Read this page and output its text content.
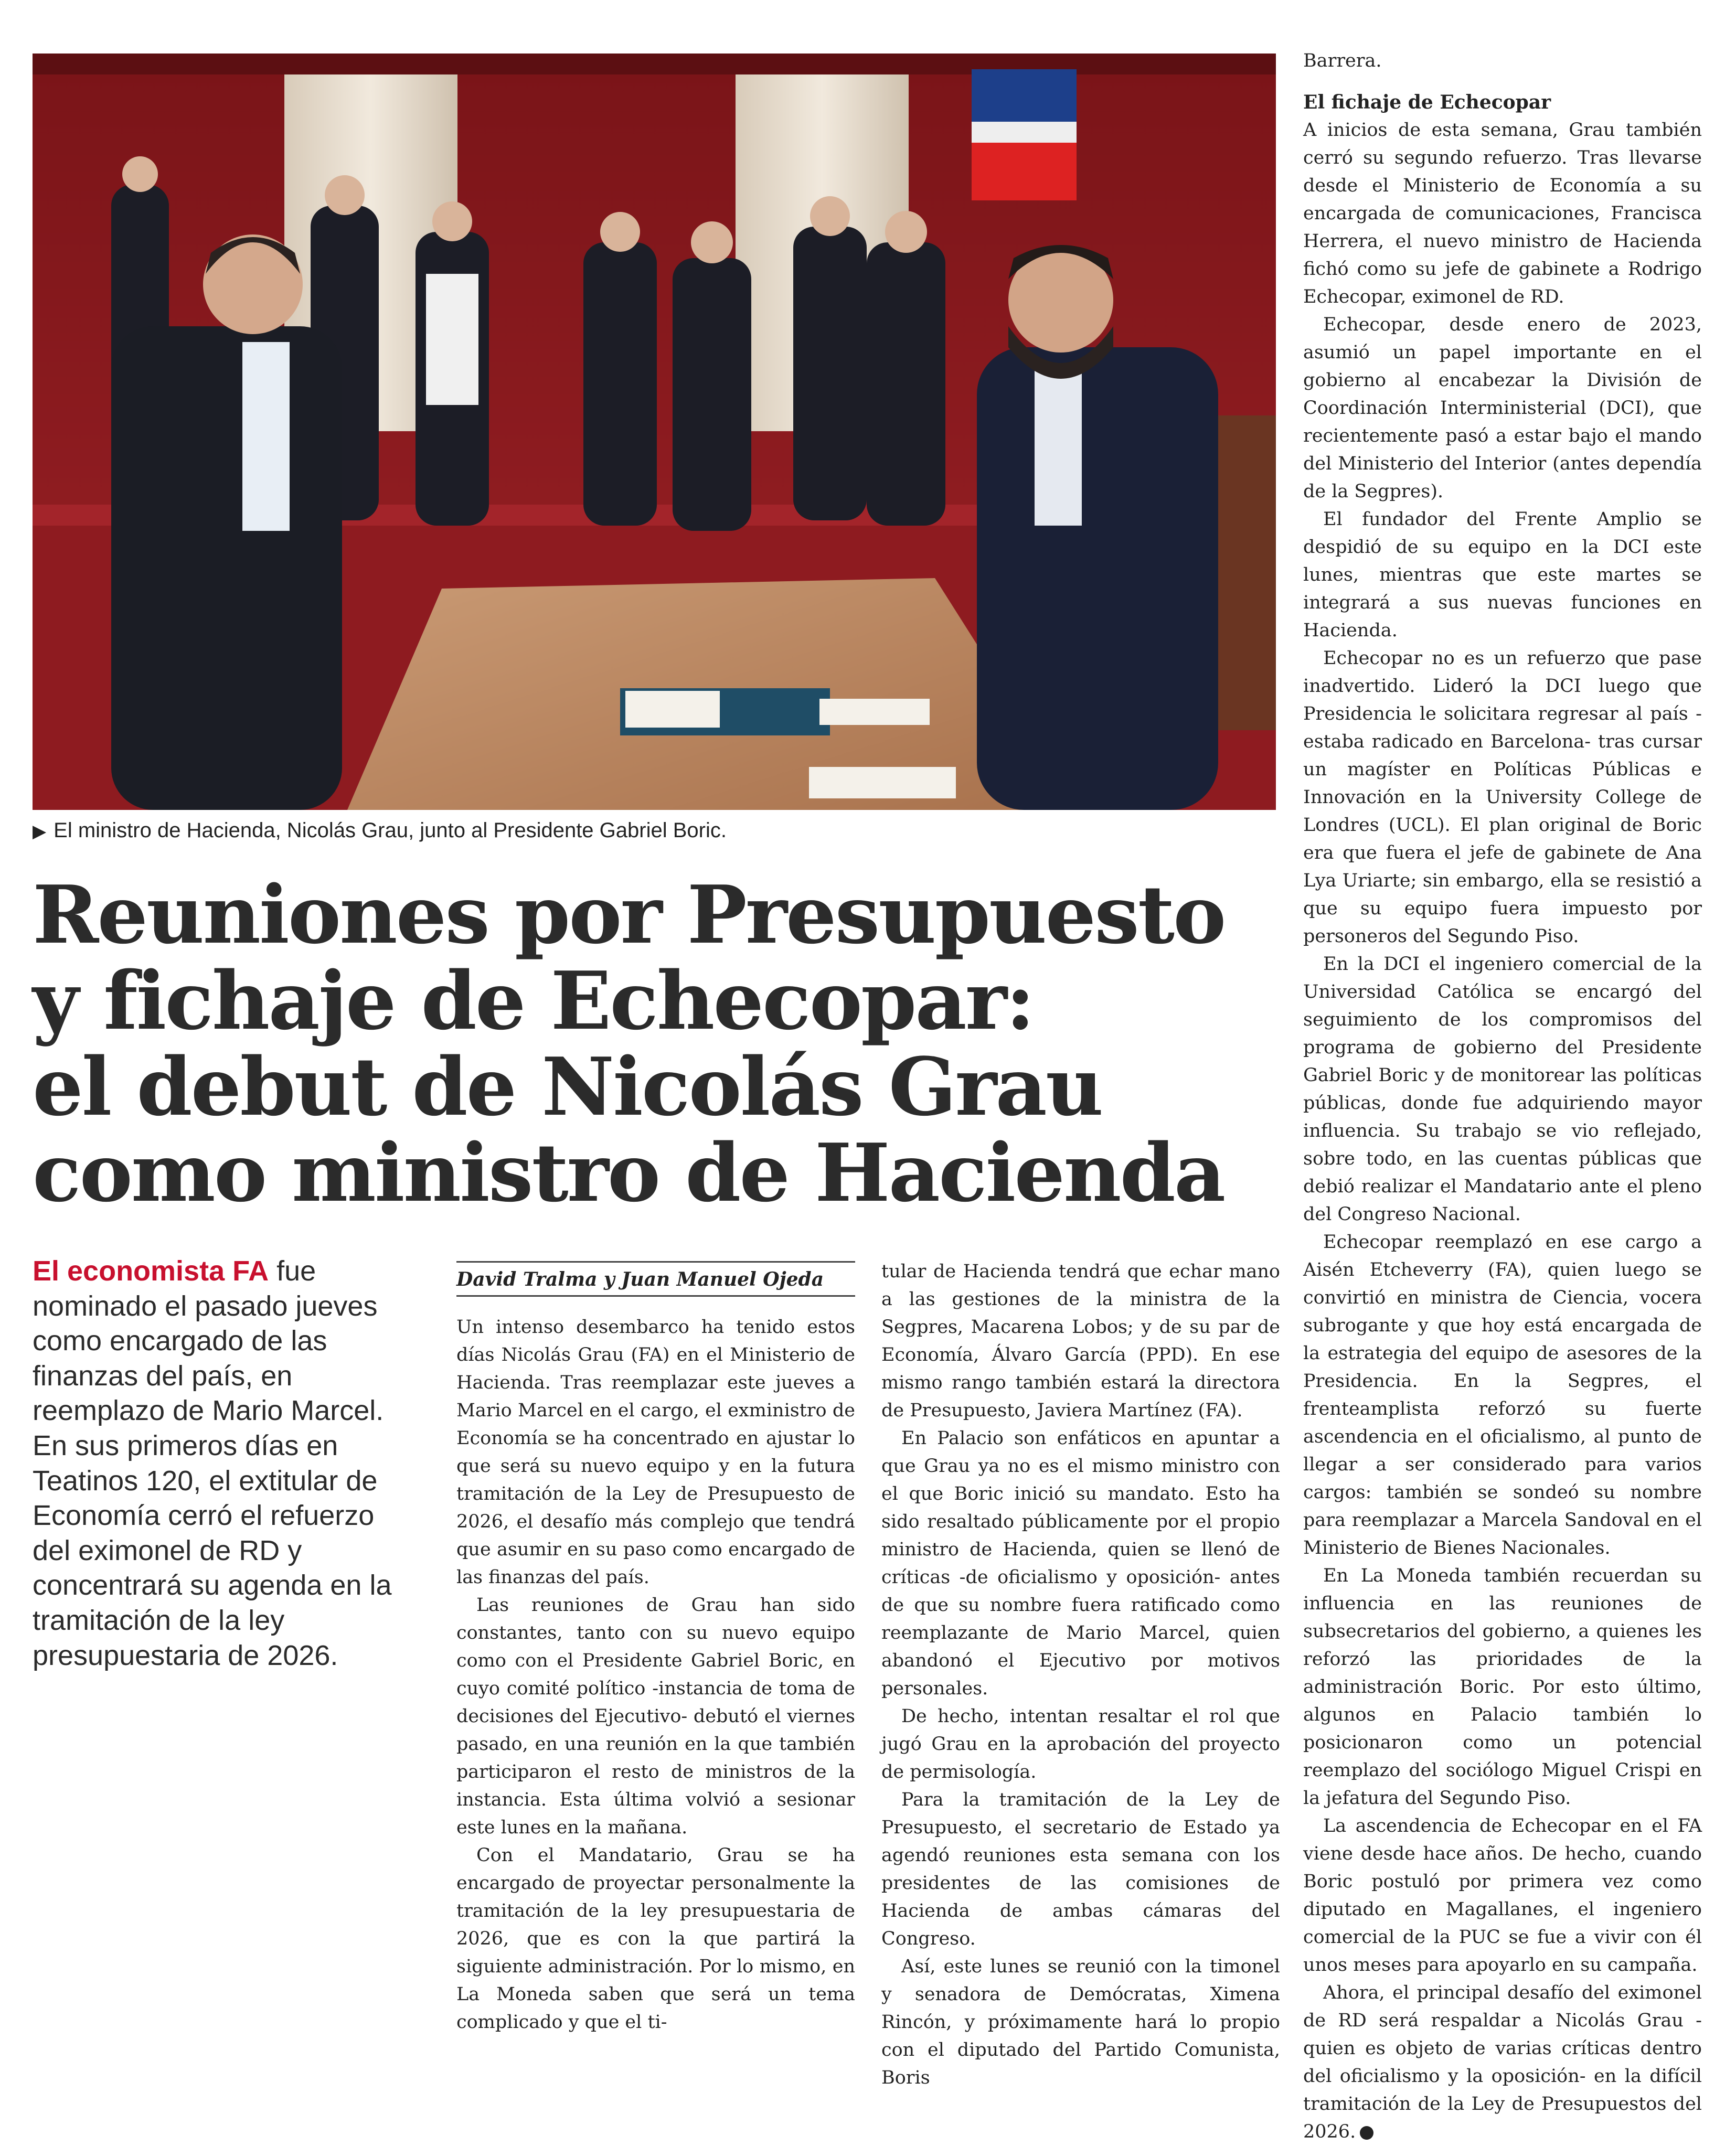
▶ El ministro de Hacienda, Nicolás Grau, junto al Presidente Gabriel Boric.
Reuniones por Presupuesto
y fichaje de Echecopar:
el debut de Nicolás Grau
como ministro de Hacienda
El economista FA fue nominado el pasado jueves como encargado de las finanzas del país, en reemplazo de Mario Marcel. En sus primeros días en Teatinos 120, el extitular de Economía cerró el refuerzo del eximonel de RD y concentrará su agenda en la tramitación de la ley presupuestaria de 2026.
David Tralma y Juan Manuel Ojeda

Un intenso desembarco ha tenido estos días Nicolás Grau (FA) en el Ministerio de Hacienda. Tras reemplazar este jueves a Mario Marcel en el cargo, el exministro de Economía se ha concentrado en ajustar lo que será su nuevo equipo y en la futura tramitación de la Ley de Presupuesto de 2026, el desafío más complejo que tendrá que asumir en su paso como encargado de las finanzas del país.

Las reuniones de Grau han sido constantes, tanto con su nuevo equipo como con el Presidente Gabriel Boric, en cuyo comité político -instancia de toma de decisiones del Ejecutivo- debutó el viernes pasado, en una reunión en la que también participaron el resto de ministros de la instancia. Esta última volvió a sesionar este lunes en la mañana.

Con el Mandatario, Grau se ha encargado de proyectar personalmente la tramitación de la ley presupuestaria de 2026, que es con la que partirá la siguiente administración. Por lo mismo, en La Moneda saben que será un tema complicado y que el ti-

tular de Hacienda tendrá que echar mano a las gestiones de la ministra de la Segpres, Macarena Lobos; y de su par de Economía, Álvaro García (PPD). En ese mismo rango también estará la directora de Presupuesto, Javiera Martínez (FA).

En Palacio son enfáticos en apuntar a que Grau ya no es el mismo ministro con el que Boric inició su mandato. Esto ha sido resaltado públicamente por el propio ministro de Hacienda, quien se llenó de críticas -de oficialismo y oposición- antes de que su nombre fuera ratificado como reemplazante de Mario Marcel, quien abandonó el Ejecutivo por motivos personales.

De hecho, intentan resaltar el rol que jugó Grau en la aprobación del proyecto de permisología.

Para la tramitación de la Ley de Presupuesto, el secretario de Estado ya agendó reuniones esta semana con los presidentes de las comisiones de Hacienda de ambas cámaras del Congreso.

Así, este lunes se reunió con la timonel y senadora de Demócratas, Ximena Rincón, y próximamente hará lo propio con el diputado del Partido Comunista, Boris

Barrera.

El fichaje de Echecopar

A inicios de esta semana, Grau también cerró su segundo refuerzo. Tras llevarse desde el Ministerio de Economía a su encargada de comunicaciones, Francisca Herrera, el nuevo ministro de Hacienda fichó como su jefe de gabinete a Rodrigo Echecopar, eximonel de RD.

Echecopar, desde enero de 2023, asumió un papel importante en el gobierno al encabezar la División de Coordinación Interministerial (DCI), que recientemente pasó a estar bajo el mando del Ministerio del Interior (antes dependía de la Segpres).

El fundador del Frente Amplio se despidió de su equipo en la DCI este lunes, mientras que este martes se integrará a sus nuevas funciones en Hacienda.

Echecopar no es un refuerzo que pase inadvertido. Lideró la DCI luego que Presidencia le solicitara regresar al país -estaba radicado en Barcelona- tras cursar un magíster en Políticas Públicas e Innovación en la University College de Londres (UCL). El plan original de Boric era que fuera el jefe de gabinete de Ana Lya Uriarte; sin embargo, ella se resistió a que su equipo fuera impuesto por personeros del Segundo Piso.

En la DCI el ingeniero comercial de la Universidad Católica se encargó del seguimiento de los compromisos del programa de gobierno del Presidente Gabriel Boric y de monitorear las políticas públicas, donde fue adquiriendo mayor influencia. Su trabajo se vio reflejado, sobre todo, en las cuentas públicas que debió realizar el Mandatario ante el pleno del Congreso Nacional.

Echecopar reemplazó en ese cargo a Aisén Etcheverry (FA), quien luego se convirtió en ministra de Ciencia, vocera subrogante y que hoy está encargada de la estrategia del equipo de asesores de la Presidencia. En la Segpres, el frenteamplista reforzó su fuerte ascendencia en el oficialismo, al punto de llegar a ser considerado para varios cargos: también se sondeó su nombre para reemplazar a Marcela Sandoval en el Ministerio de Bienes Nacionales.

En La Moneda también recuerdan su influencia en las reuniones de subsecretarios del gobierno, a quienes les reforzó las prioridades de la administración Boric. Por esto último, algunos en Palacio también lo posicionaron como un potencial reemplazo del sociólogo Miguel Crispi en la jefatura del Segundo Piso.

La ascendencia de Echecopar en el FA viene desde hace años. De hecho, cuando Boric postuló por primera vez como diputado en Magallanes, el ingeniero comercial de la PUC se fue a vivir con él unos meses para apoyarlo en su campaña.

Ahora, el principal desafío del eximonel de RD será respaldar a Nicolás Grau -quien es objeto de varias críticas dentro del oficialismo y la oposición- en la difícil tramitación de la Ley de Presupuestos del 2026.
